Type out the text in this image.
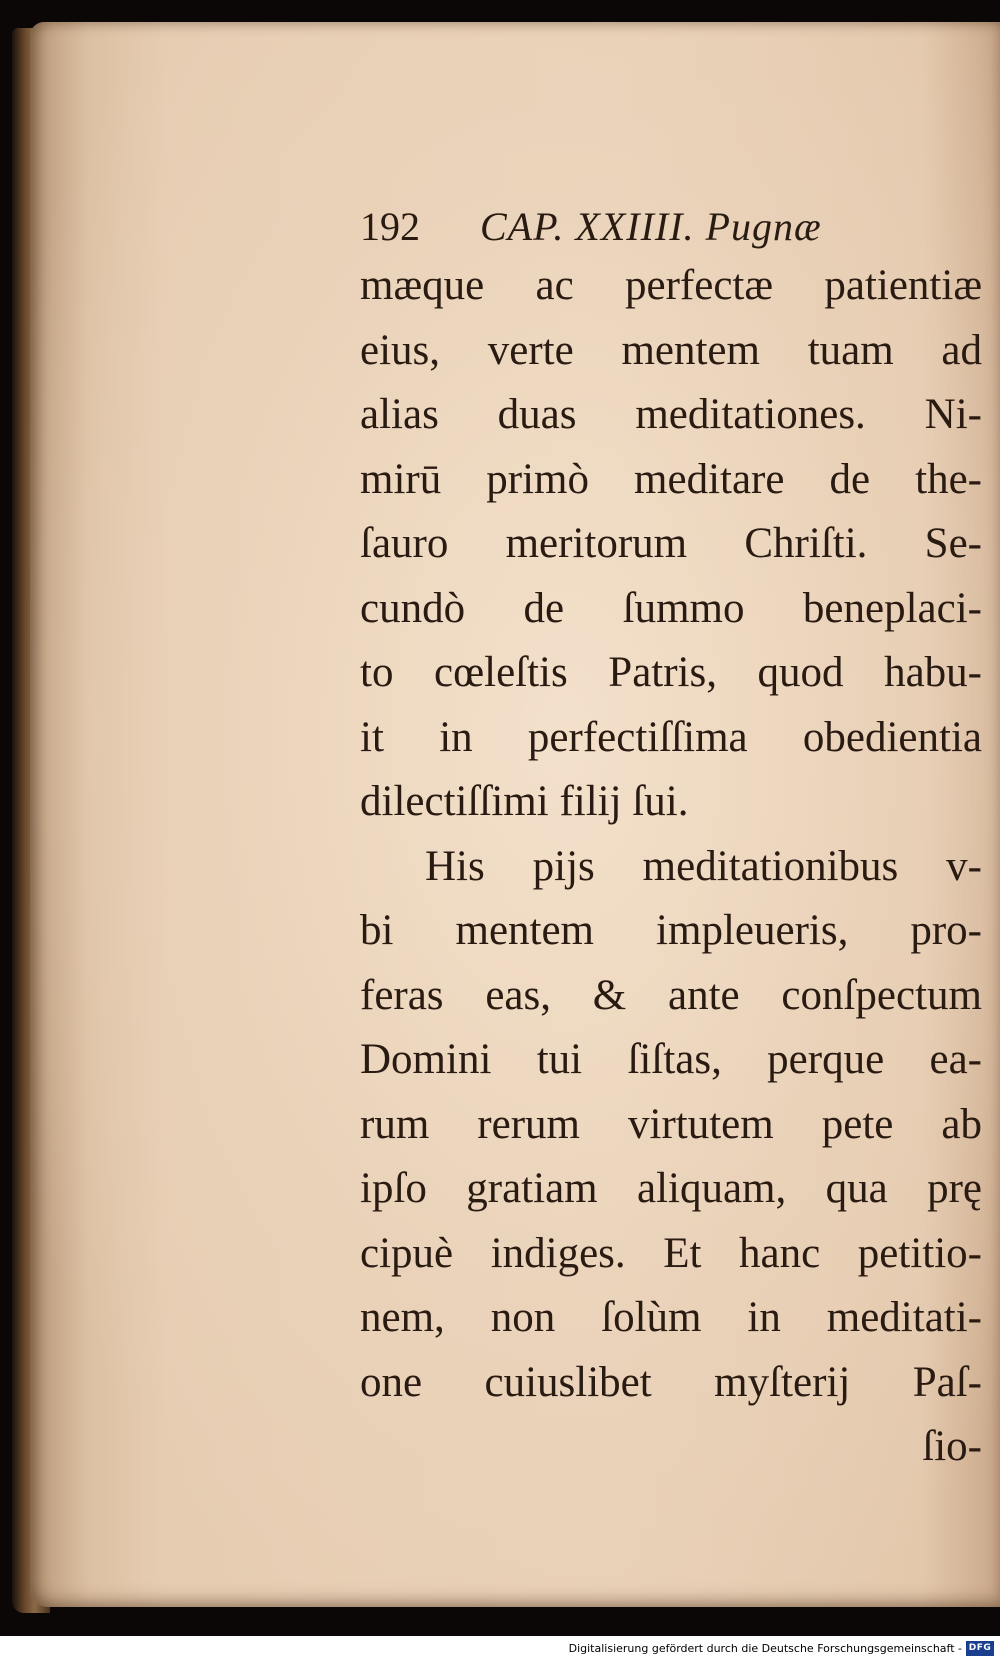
192 CAP. XXIIII. Pugnæ
mæque ac perfectæ patientiæ
eius, verte mentem tuam ad
alias duas meditationes. Ni-
mirū primò meditare de the-
ſauro meritorum Chriſti. Se-
cundò de ſummo beneplaci-
to cœleſtis Patris, quod habu-
it in perfectiſſima obedientia
dilectiſſimi filij ſui.
His pijs meditationibus v-
bi mentem impleueris, pro-
feras eas, & ante conſpectum
Domini tui ſiſtas, perque ea-
rum rerum virtutem pete ab
ipſo gratiam aliquam, qua prę
cipuè indiges. Et hanc petitio-
nem, non ſolùm in meditati-
one cuiuslibet myſterij Paſ-
ſio-
Digitalisierung gefördert durch die Deutsche Forschungsgemeinschaft - DFG
